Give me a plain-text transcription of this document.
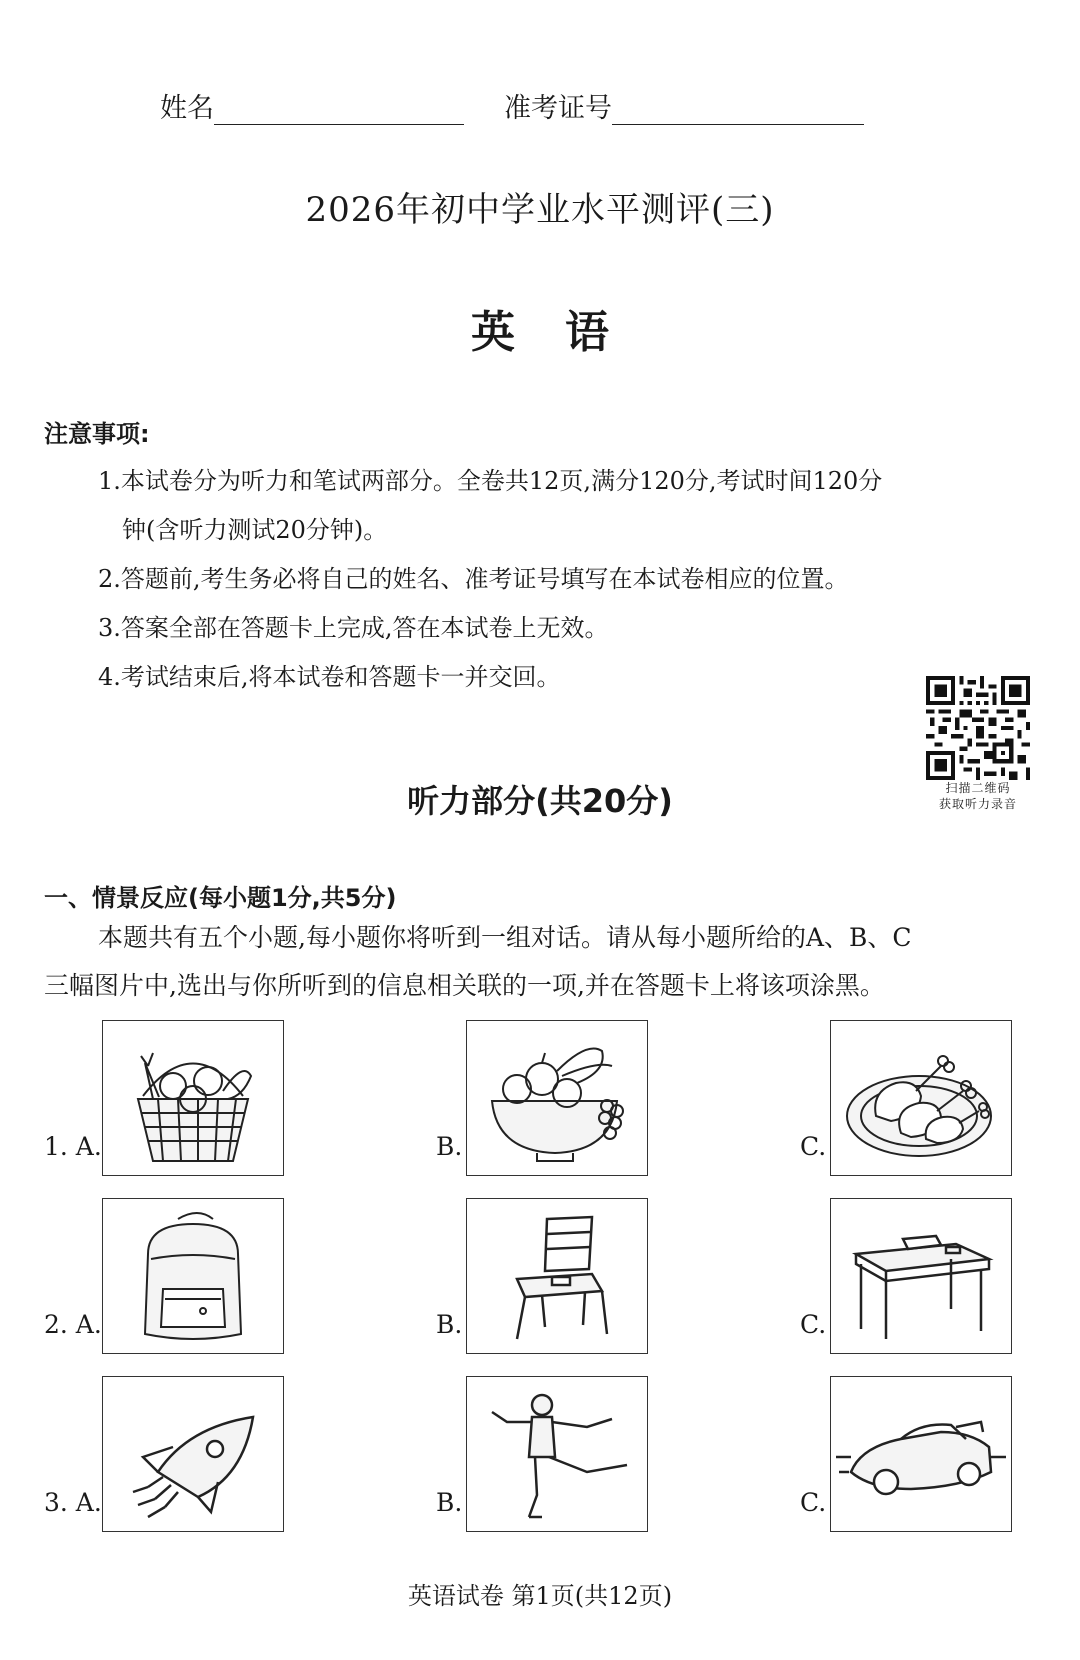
姓名	准考证号
2026年初中学业水平测评(三)
英语
注意事项:
1.本试卷分为听力和笔试两部分。全卷共12页,满分120分,考试时间120分
钟(含听力测试20分钟)。
2.答题前,考生务必将自己的姓名、准考证号填写在本试卷相应的位置。
3.答案全部在答题卡上完成,答在本试卷上无效。
4.考试结束后,将本试卷和答题卡一并交回。
扫描二维码
获取听力录音
听力部分(共20分)
一、情景反应(每小题1分,共5分)
本题共有五个小题,每小题你将听到一组对话。请从每小题所给的A、B、C
三幅图片中,选出与你所听到的信息相关联的一项,并在答题卡上将该项涂黑。
1. A.	B.	C.
2. A.	B.	C.
3. A.	B.	C.
英语试卷 第1页(共12页)
